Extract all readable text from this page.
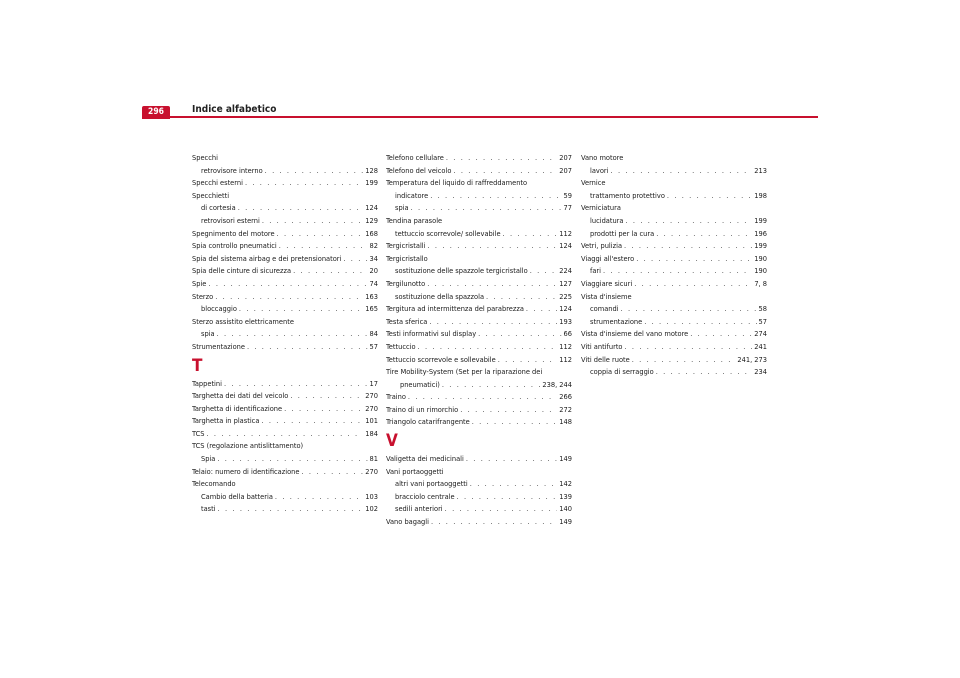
296	Indice alfabetico
Specchi
retrovisore interno . . .	128
Specchi esterni . . .	199
Specchietti
di cortesia . . .	124
retrovisori esterni . . .	129
Spegnimento del motore . . .	168
Spia controllo pneumatici . . .	82
Spia del sistema airbag e dei pretensionatori . . .	34
Spia delle cinture di sicurezza . . .	20
Spie . . .	74
Sterzo . . .	163
bloccaggio . . .	165
Sterzo assistito elettricamente
spia . . .	84
Strumentazione . . .	57
T
Tappetini . . .	17
Targhetta dei dati del veicolo . . .	270
Targhetta di identificazione . . .	270
Targhetta in plastica . . .	101
TCS . . .	184
TCS (regolazione antislittamento)
Spia . . .	81
Telaio: numero di identificazione . . .	270
Telecomando
Cambio della batteria . . .	103
tasti . . .	102
Telefono cellulare . . .	207
Telefono del veicolo . . .	207
Temperatura del liquido di raffreddamento
indicatore . . .	59
spia . . .	77
Tendina parasole
tettuccio scorrevole/ sollevabile . . .	112
Tergicristalli . . .	124
Tergicristallo
sostituzione delle spazzole tergicristallo . . .	224
Tergilunotto . . .	127
sostituzione della spazzola . . .	225
Tergitura ad intermittenza del parabrezza . . .	124
Testa sferica . . .	193
Testi informativi sul display . . .	66
Tettuccio . . .	112
Tettuccio scorrevole e sollevabile . . .	112
Tire Mobility-System (Set per la riparazione dei
pneumatici) . . .	238, 244
Traino . . .	266
Traino di un rimorchio . . .	272
Triangolo catarifrangente . . .	148
V
Valigetta dei medicinali . . .	149
Vani portaoggetti
altri vani portaoggetti . . .	142
bracciolo centrale . . .	139
sedili anteriori . . .	140
Vano bagagli . . .	149
Vano motore
lavori . . .	213
Vernice
trattamento protettivo . . .	198
Verniciatura
lucidatura . . .	199
prodotti per la cura . . .	196
Vetri, pulizia . . .	199
Viaggi all'estero . . .	190
fari . . .	190
Viaggiare sicuri . . .	7, 8
Vista d'insieme
comandi . . .	58
strumentazione . . .	57
Vista d'insieme del vano motore . . .	274
Viti antifurto . . .	241
Viti delle ruote . . .	241, 273
coppia di serraggio . . .	234
